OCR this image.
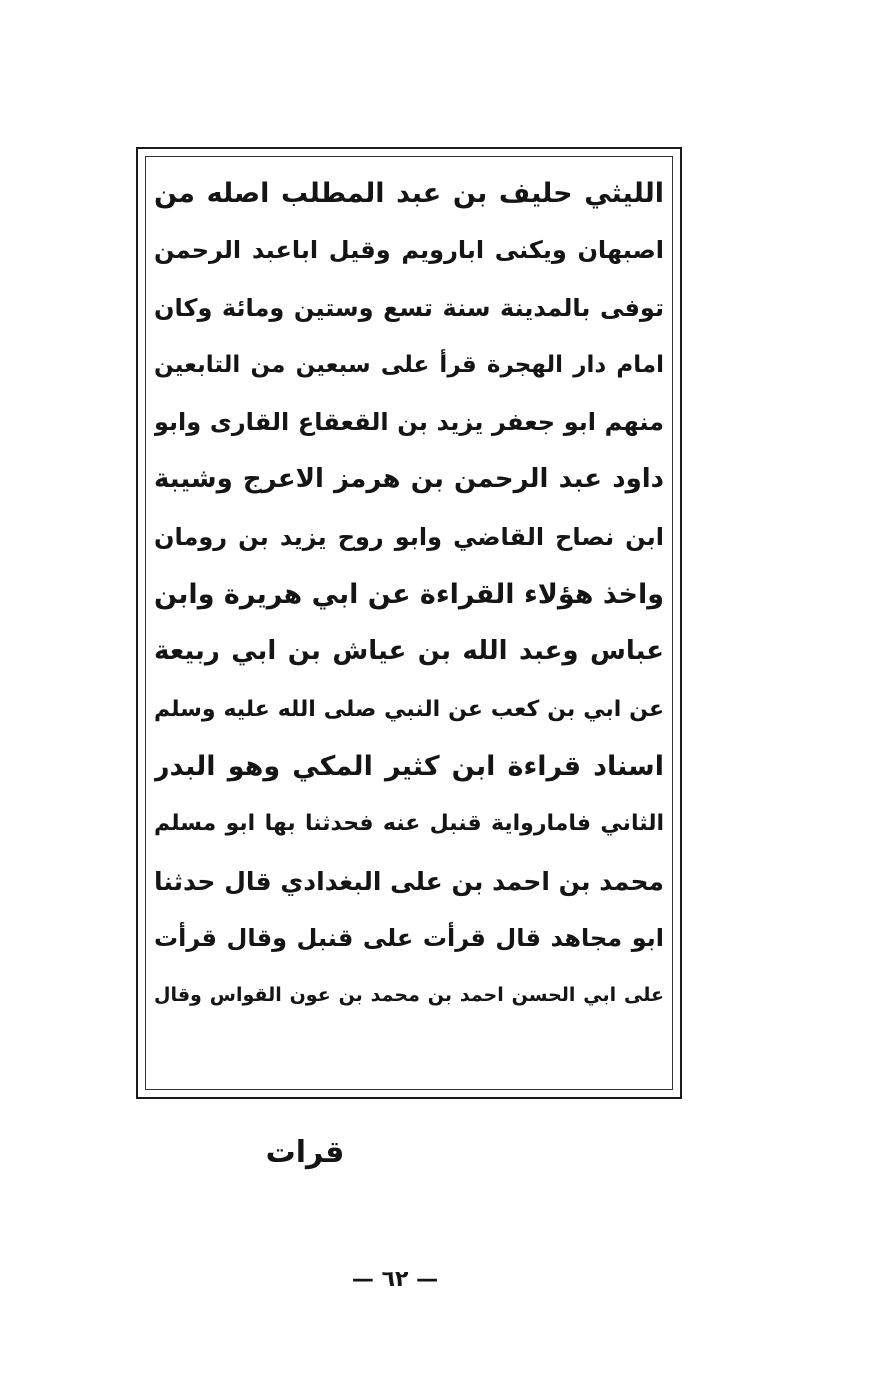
الليثي حليف بن عبد المطلب اصله من
اصبهان ويكنى ابارويم وقيل اباعبد الرحمن
توفى بالمدينة سنة تسع وستين ومائة وكان
امام دار الهجرة قرأ على سبعين من التابعين
منهم ابو جعفر يزيد بن القعقاع القارى وابو
داود عبد الرحمن بن هرمز الاعرج وشيبة
ابن نصاح القاضي وابو روح يزيد بن رومان
واخذ هؤلاء القراءة عن ابي هريرة وابن
عباس وعبد الله بن عياش بن ابي ربيعة
عن ابي بن كعب عن النبي صلى الله عليه وسلم
اسناد قراءة ابن كثير المكي وهو البدر
الثاني فامارواية قنبل عنه فحدثنا بها ابو مسلم
محمد بن احمد بن على البغدادي قال حدثنا
ابو مجاهد قال قرأت على قنبل وقال قرأت
على ابي الحسن احمد بن محمد بن عون القواس وقال
قرات
— ٦٢ —
